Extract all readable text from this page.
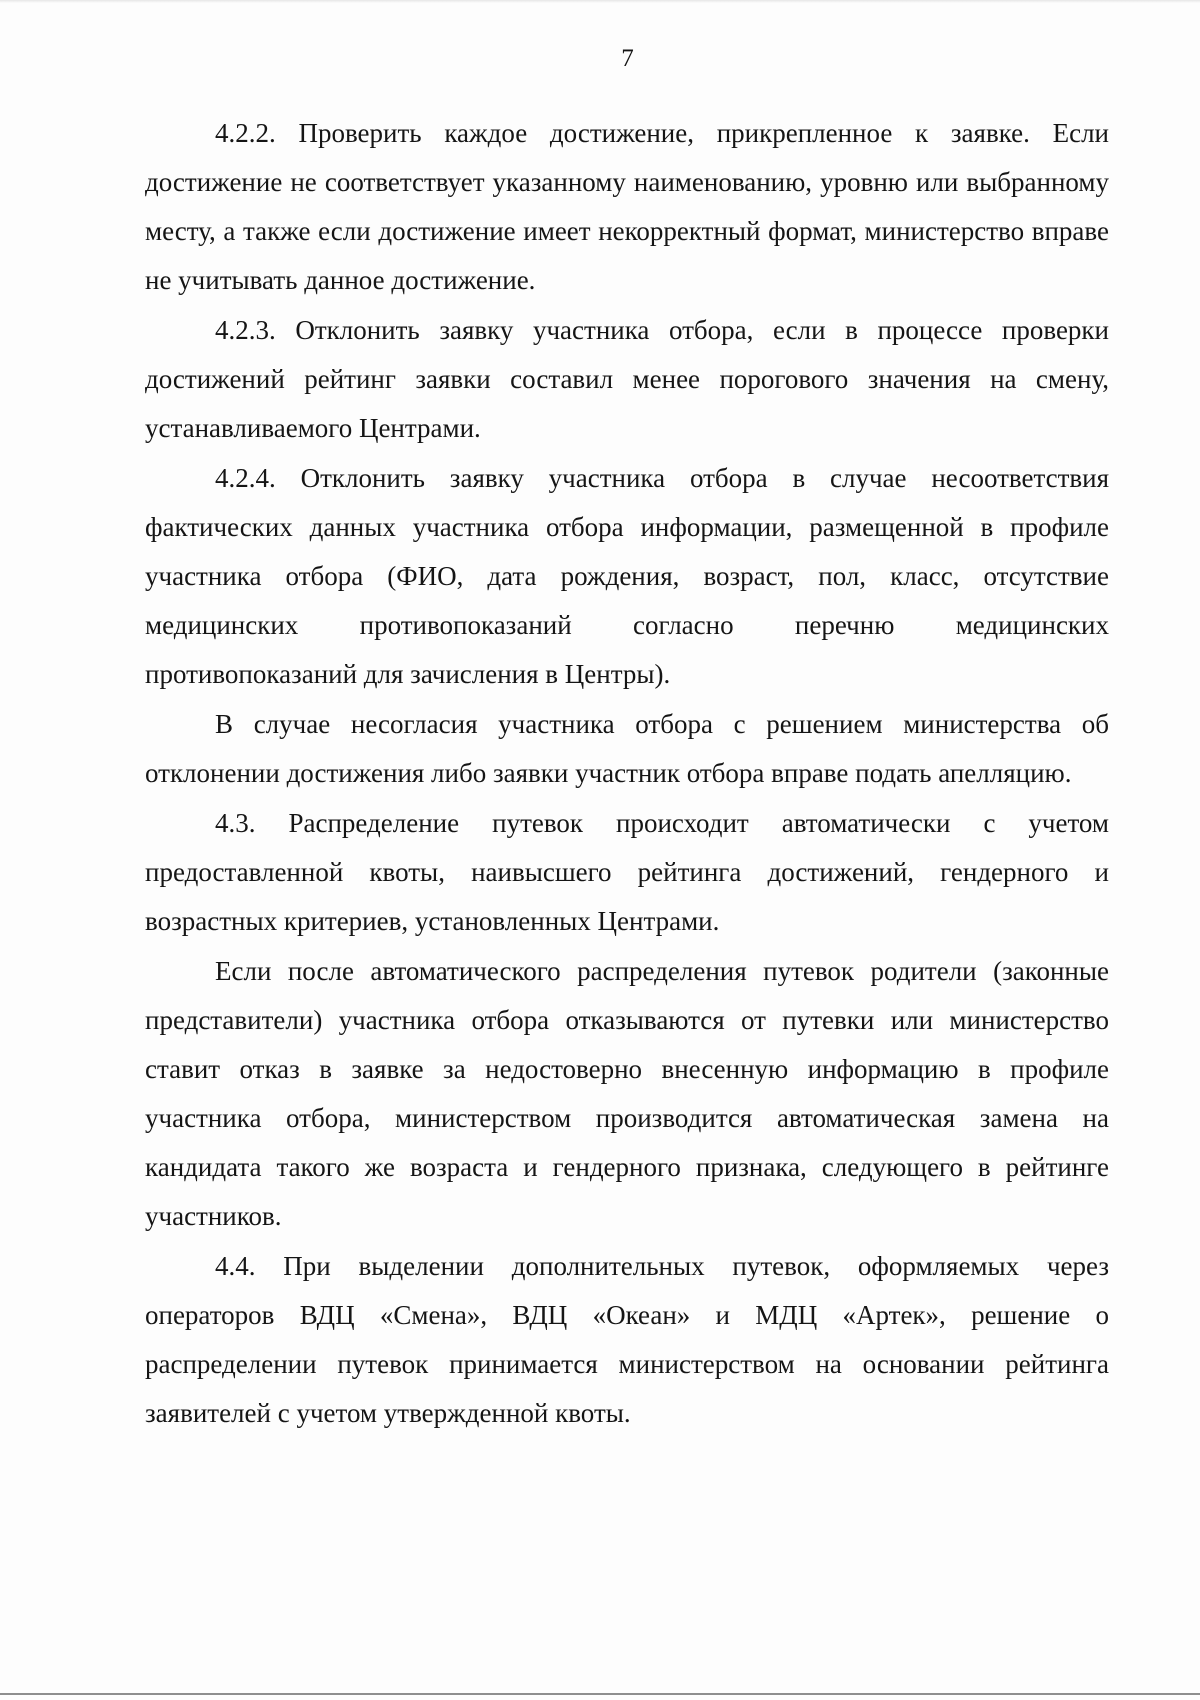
7

4.2.2. Проверить каждое достижение, прикрепленное к заявке. Если достижение не соответствует указанному наименованию, уровню или выбранному месту, а также если достижение имеет некорректный формат, министерство вправе не учитывать данное достижение.

4.2.3. Отклонить заявку участника отбора, если в процессе проверки достижений рейтинг заявки составил менее порогового значения на смену, устанавливаемого Центрами.

4.2.4. Отклонить заявку участника отбора в случае несоответствия фактических данных участника отбора информации, размещенной в профиле участника отбора (ФИО, дата рождения, возраст, пол, класс, отсутствие медицинских противопоказаний согласно перечню медицинских противопоказаний для зачисления в Центры).

В случае несогласия участника отбора с решением министерства об отклонении достижения либо заявки участник отбора вправе подать апелляцию.

4.3. Распределение путевок происходит автоматически с учетом предоставленной квоты, наивысшего рейтинга достижений, гендерного и возрастных критериев, установленных Центрами.

Если после автоматического распределения путевок родители (законные представители) участника отбора отказываются от путевки или министерство ставит отказ в заявке за недостоверно внесенную информацию в профиле участника отбора, министерством производится автоматическая замена на кандидата такого же возраста и гендерного признака, следующего в рейтинге участников.

4.4. При выделении дополнительных путевок, оформляемых через операторов ВДЦ «Смена», ВДЦ «Океан» и МДЦ «Артек», решение о распределении путевок принимается министерством на основании рейтинга заявителей с учетом утвержденной квоты.
